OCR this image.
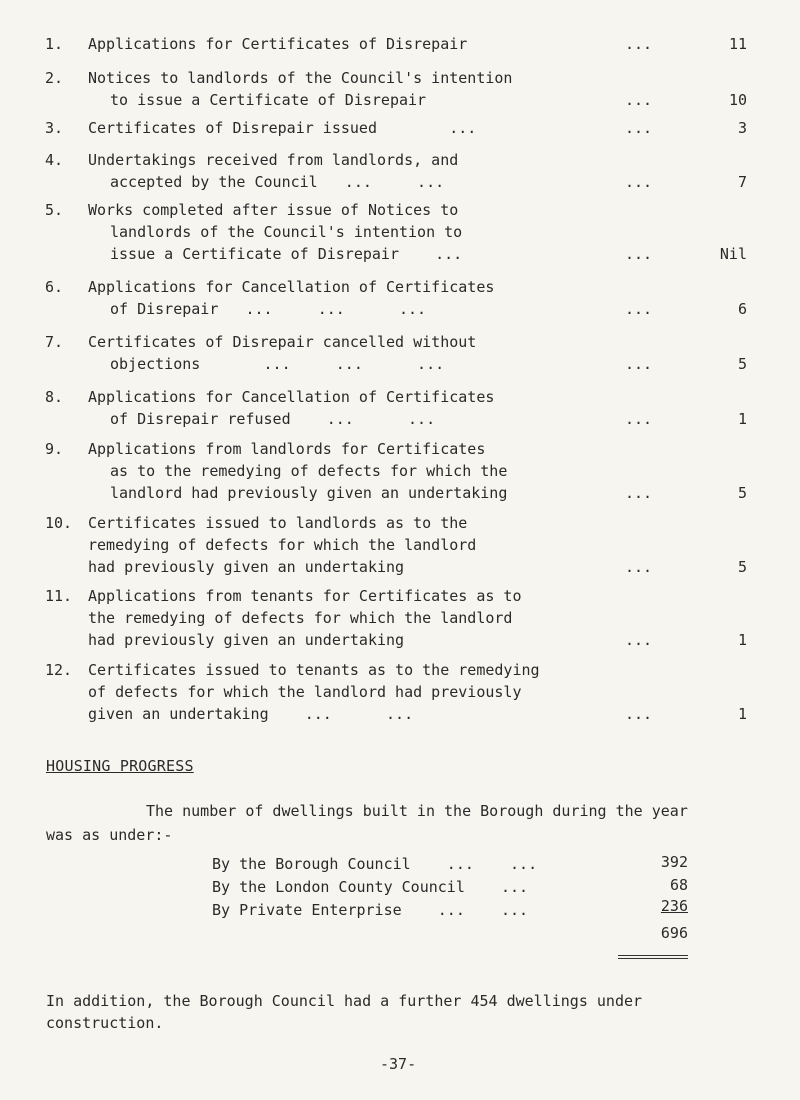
1. Applications for Certificates of Disrepair	...	11
2. Notices to landlords of the Council's intention
to issue a Certificate of Disrepair	...	10
3. Certificates of Disrepair issued        ...	...	3
4. Undertakings received from landlords, and
accepted by the Council   ...     ...	...	7
5. Works completed after issue of Notices to
landlords of the Council's intention to
issue a Certificate of Disrepair    ...	...	Nil
6. Applications for Cancellation of Certificates
of Disrepair   ...     ...      ...	...	6
7. Certificates of Disrepair cancelled without
objections       ...     ...      ...	...	5
8. Applications for Cancellation of Certificates
of Disrepair refused    ...      ...	...	1
9. Applications from landlords for Certificates
as to the remedying of defects for which the
landlord had previously given an undertaking	...	5
10. Certificates issued to landlords as to the
remedying of defects for which the landlord
had previously given an undertaking	...	5
11. Applications from tenants for Certificates as to
the remedying of defects for which the landlord
had previously given an undertaking	...	1
12. Certificates issued to tenants as to the remedying
of defects for which the landlord had previously
given an undertaking    ...      ...	...	1
HOUSING PROGRESS
The number of dwellings built in the Borough during the year
was as under:-
By the Borough Council    ...    ...	392
By the London County Council    ...	68
By Private Enterprise    ...    ...	236
696
In addition, the Borough Council had a further 454 dwellings under
construction.
-37-
